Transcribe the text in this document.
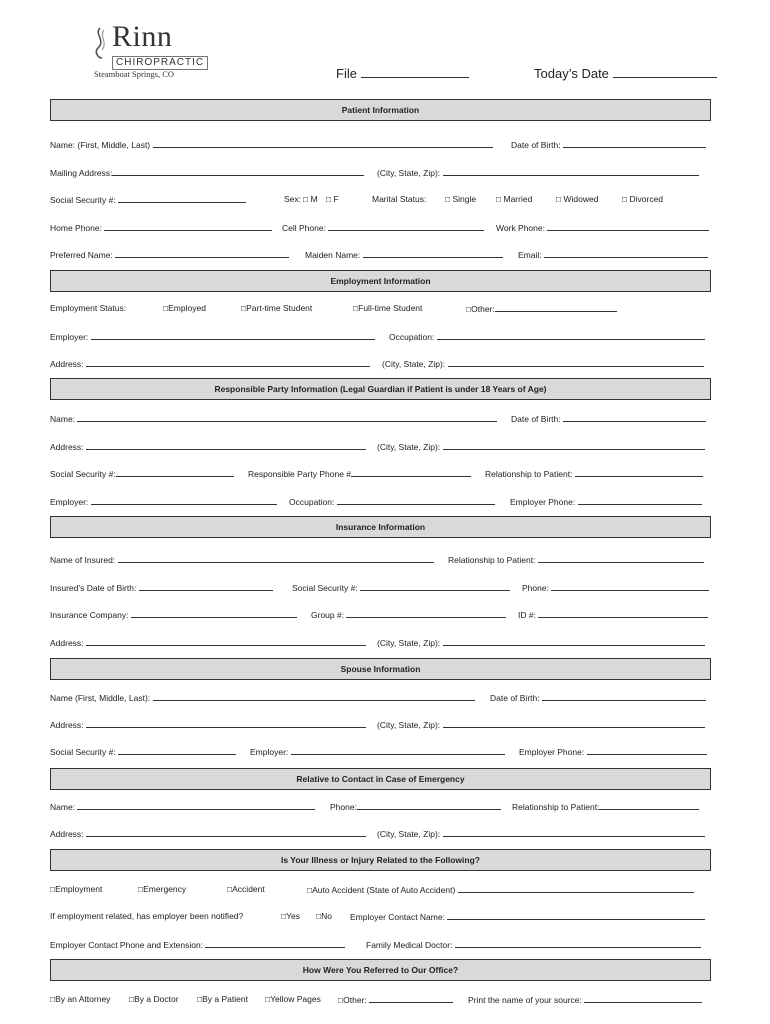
Rinn
CHIROPRACTIC
Steamboat Springs, CO	File	Today’s Date
Patient Information
Name: (First, Middle, Last)	Date of Birth:
Mailing Address:	(City, State, Zip):
Social Security #:	Sex: □ M □ F	Marital Status: □ Single □ Married	□ Widowed	□ Divorced
Home Phone:	Cell Phone:	Work Phone:
Preferred Name:	Maiden Name:	Email:
Employment Information
Employment Status:	□Employed	□Part-time Student	□Full-time Student	□Other:
Employer:	Occupation:
Address:	(City, State, Zip):
Responsible Party Information (Legal Guardian if Patient is under 18 Years of Age)
Name:	Date of Birth:
Address:	(City, State, Zip):
Social Security #:	Responsible Party Phone #	Relationship to Patient:
Employer:	Occupation:	Employer Phone:
Insurance Information
Name of Insured:	Relationship to Patient:
Insured’s Date of Birth:	Social Security #:	Phone:
Insurance Company:	Group #:	ID #:
Address:	(City, State, Zip):
Spouse Information
Name (First, Middle, Last):	Date of Birth:
Address:	(City, State, Zip):
Social Security #:	Employer:	Employer Phone:
Relative to Contact in Case of Emergency
Name:	Phone:	Relationship to Patient:
Address:	(City, State, Zip):
Is Your Illness or Injury Related to the Following?
□Employment	□Emergency	□Accident	□Auto Accident (State of Auto Accident)
If employment related, has employer been notified?	□Yes □No Employer Contact Name:
Employer Contact Phone and Extension:	Family Medical Doctor:
How Were You Referred to Our Office?
□By an Attorney □By a Doctor □By a Patient □Yellow Pages □Other:	Print the name of your source:
